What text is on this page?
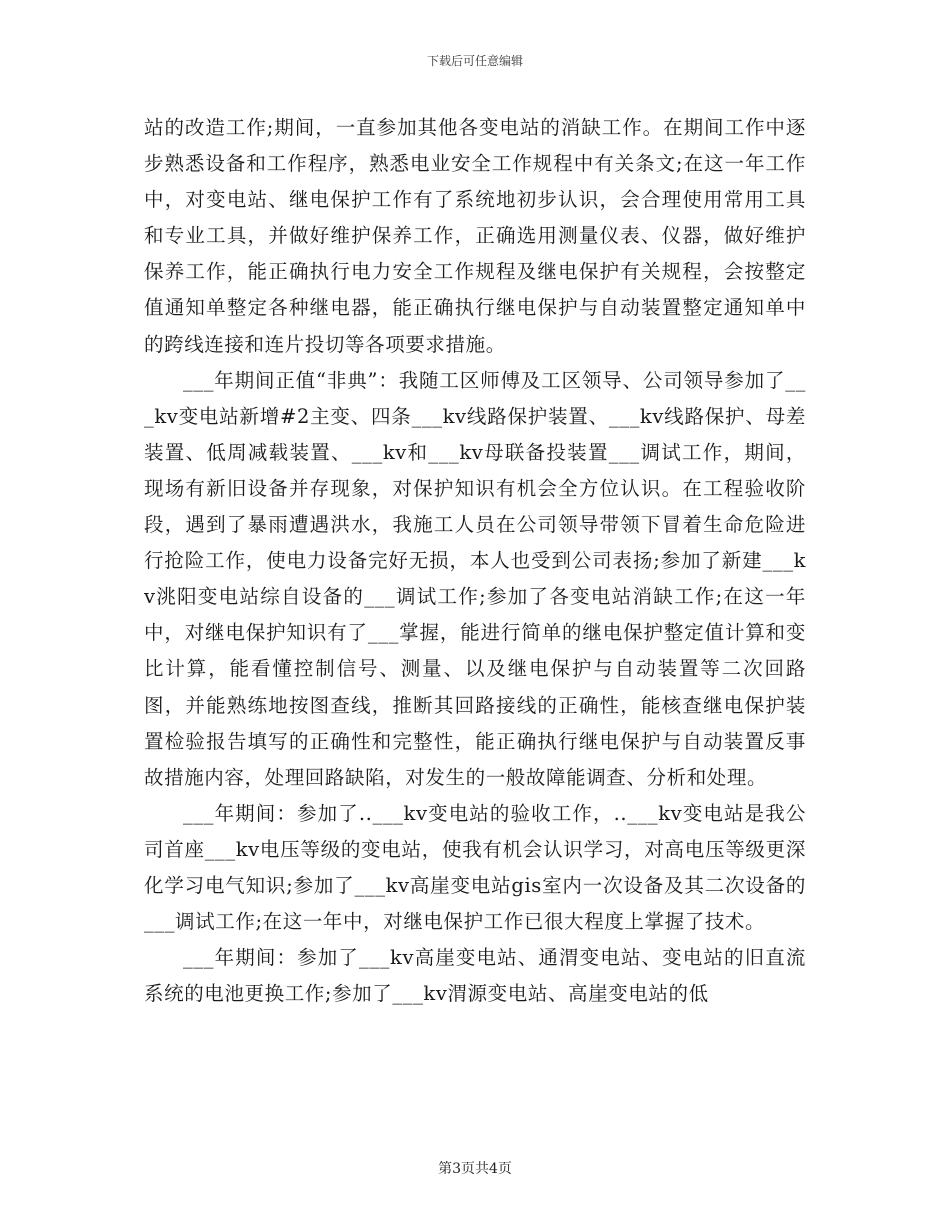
下载后可任意编辑

站的改造工作;期间，一直参加其他各变电站的消缺工作。在期间工作中逐步熟悉设备和工作程序，熟悉电业安全工作规程中有关条文;在这一年工作中，对变电站、继电保护工作有了系统地初步认识，会合理使用常用工具和专业工具，并做好维护保养工作，正确选用测量仪表、仪器，做好维护保养工作，能正确执行电力安全工作规程及继电保护有关规程，会按整定值通知单整定各种继电器，能正确执行继电保护与自动装置整定通知单中的跨线连接和连片投切等各项要求措施。

___年期间正值“非典”：我随工区师傅及工区领导、公司领导参加了___kv变电站新增#2主变、四条___kv线路保护装置、___kv线路保护、母差装置、低周减载装置、___kv和___kv母联备投装置___调试工作，期间，现场有新旧设备并存现象，对保护知识有机会全方位认识。在工程验收阶段，遇到了暴雨遭遇洪水，我施工人员在公司领导带领下冒着生命危险进行抢险工作，使电力设备完好无损，本人也受到公司表扬;参加了新建___kv洮阳变电站综自设备的___调试工作;参加了各变电站消缺工作;在这一年中，对继电保护知识有了___掌握，能进行简单的继电保护整定值计算和变比计算，能看懂控制信号、测量、以及继电保护与自动装置等二次回路图，并能熟练地按图查线，推断其回路接线的正确性，能核查继电保护装置检验报告填写的正确性和完整性，能正确执行继电保护与自动装置反事故措施内容，处理回路缺陷，对发生的一般故障能调查、分析和处理。

___年期间：参加了..___kv变电站的验收工作，..___kv变电站是我公司首座___kv电压等级的变电站，使我有机会认识学习，对高电压等级更深化学习电气知识;参加了___kv高崖变电站gis室内一次设备及其二次设备的___调试工作;在这一年中，对继电保护工作已很大程度上掌握了技术。

___年期间：参加了___kv高崖变电站、通渭变电站、变电站的旧直流系统的电池更换工作;参加了___kv渭源变电站、高崖变电站的低

第3页共4页
